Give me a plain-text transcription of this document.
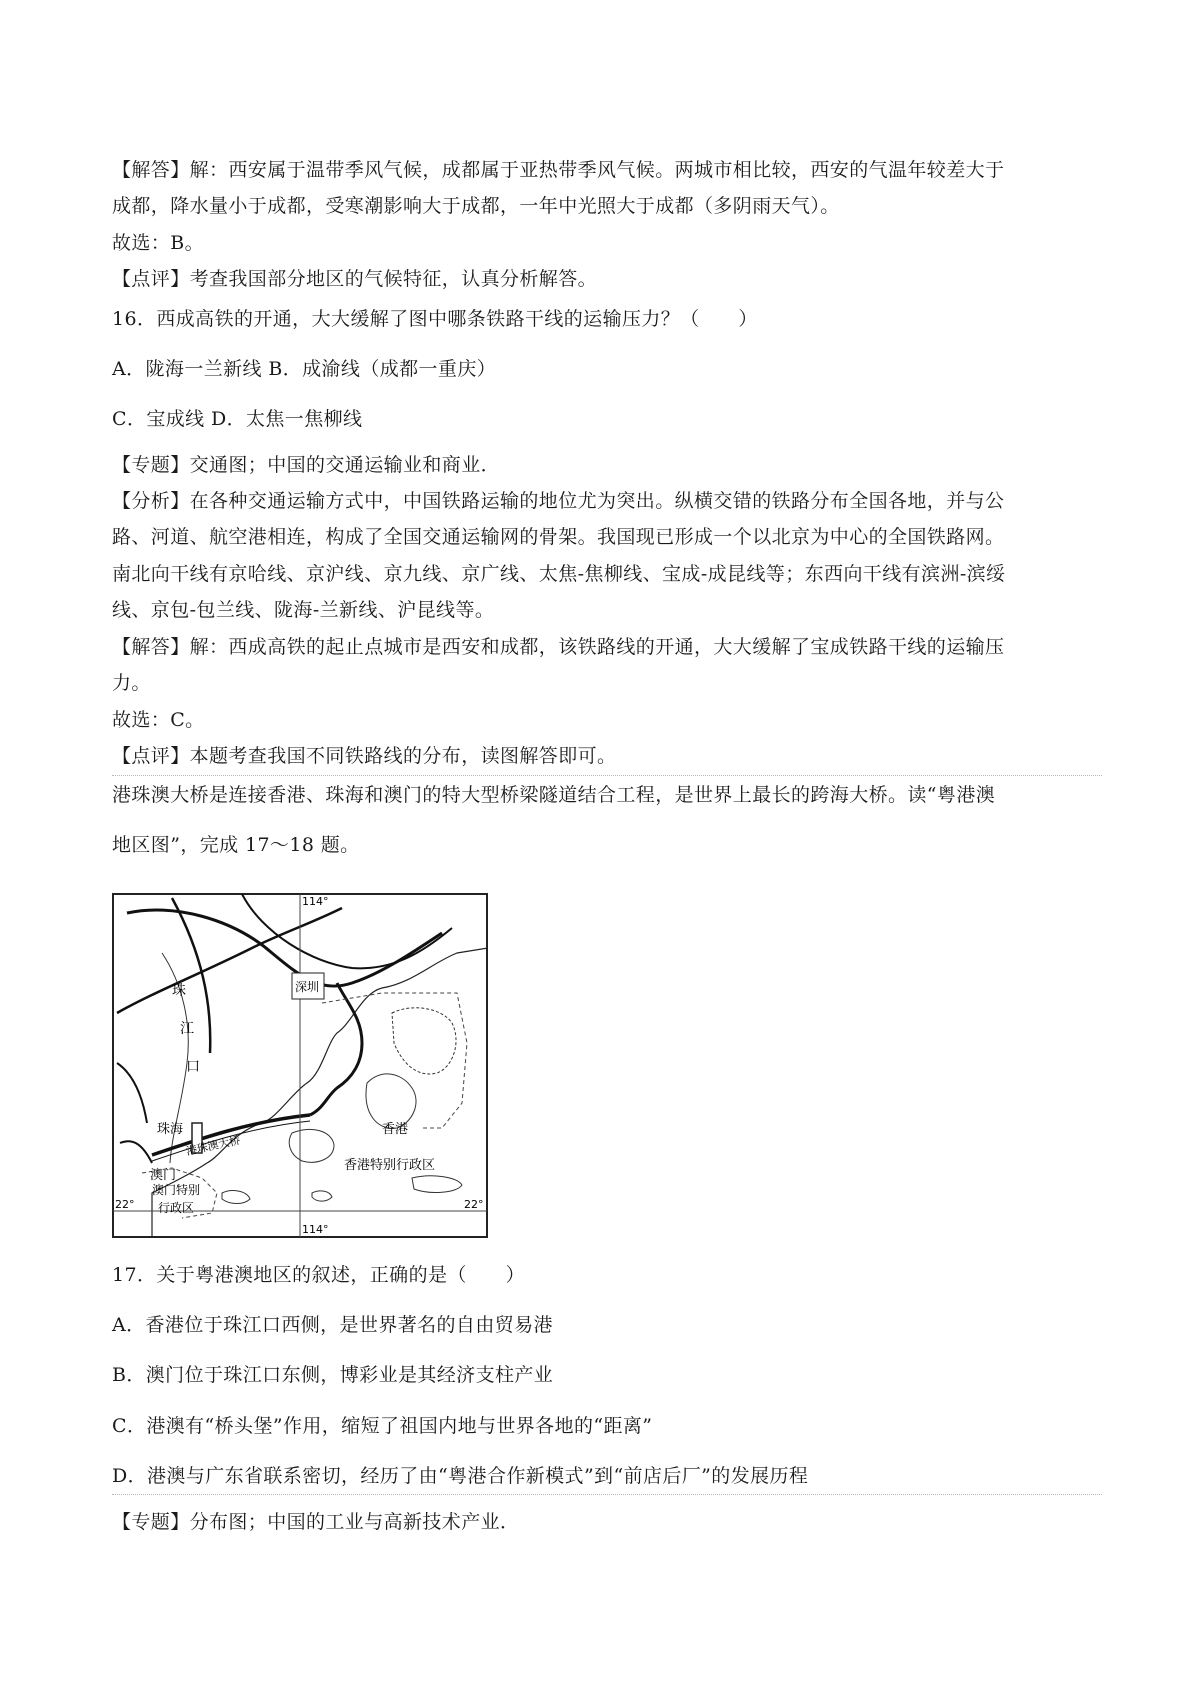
【解答】解：西安属于温带季风气候，成都属于亚热带季风气候。两城市相比较，西安的气温年较差大于
成都，降水量小于成都，受寒潮影响大于成都，一年中光照大于成都（多阴雨天气）。
故选：B。
【点评】考查我国部分地区的气候特征，认真分析解答。
16．西成高铁的开通，大大缓解了图中哪条铁路干线的运输压力？（　　）
A．陇海一兰新线 B．成渝线（成都一重庆）
C．宝成线 D．太焦一焦柳线
【专题】交通图；中国的交通运输业和商业．
【分析】在各种交通运输方式中，中国铁路运输的地位尤为突出。纵横交错的铁路分布全国各地，并与公
路、河道、航空港相连，构成了全国交通运输网的骨架。我国现已形成一个以北京为中心的全国铁路网。
南北向干线有京哈线、京沪线、京九线、京广线、太焦-焦柳线、宝成-成昆线等；东西向干线有滨洲-滨绥
线、京包-包兰线、陇海-兰新线、沪昆线等。
【解答】解：西成高铁的起止点城市是西安和成都，该铁路线的开通，大大缓解了宝成铁路干线的运输压
力。
故选：C。
【点评】本题考查我国不同铁路线的分布，读图解答即可。
港珠澳大桥是连接香港、珠海和澳门的特大型桥梁隧道结合工程，是世界上最长的跨海大桥。读“粤港澳
地区图”，完成 17～18 题。
114°
114°
22°	22°
珠
江
口
深圳
珠海
港珠澳大桥
澳门
香港
香港特别行政区
澳门特别
行政区
17．关于粤港澳地区的叙述，正确的是（　　）
A．香港位于珠江口西侧，是世界著名的自由贸易港
B．澳门位于珠江口东侧，博彩业是其经济支柱产业
C．港澳有“桥头堡”作用，缩短了祖国内地与世界各地的“距离”
D．港澳与广东省联系密切，经历了由“粤港合作新模式”到“前店后厂”的发展历程
【专题】分布图；中国的工业与高新技术产业．
